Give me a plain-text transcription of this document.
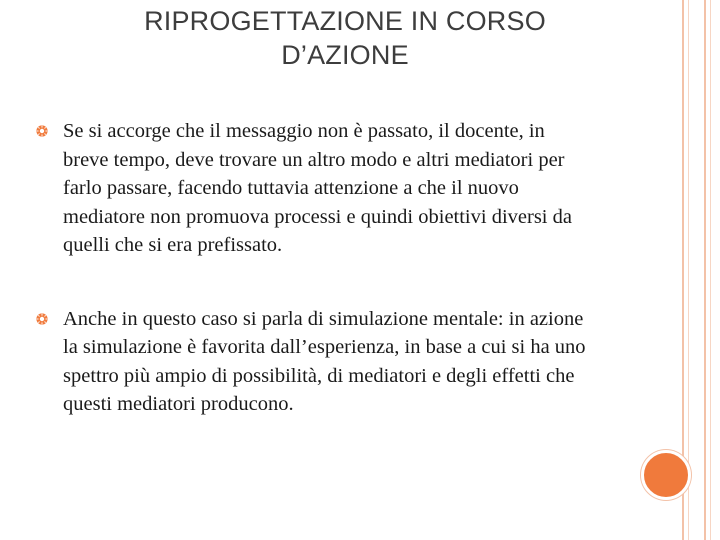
RIPROGETTAZIONE IN CORSO
D’AZIONE
Se si accorge che il messaggio non è passato, il docente, in
breve tempo, deve trovare un altro modo e altri mediatori per
farlo passare, facendo tuttavia attenzione a che il nuovo
mediatore non promuova processi e quindi obiettivi diversi da
quelli che si era prefissato.
Anche in questo caso si parla di simulazione mentale: in azione
la simulazione è favorita dall’esperienza, in base a cui si ha uno
spettro più ampio di possibilità, di mediatori e degli effetti che
questi mediatori producono.
